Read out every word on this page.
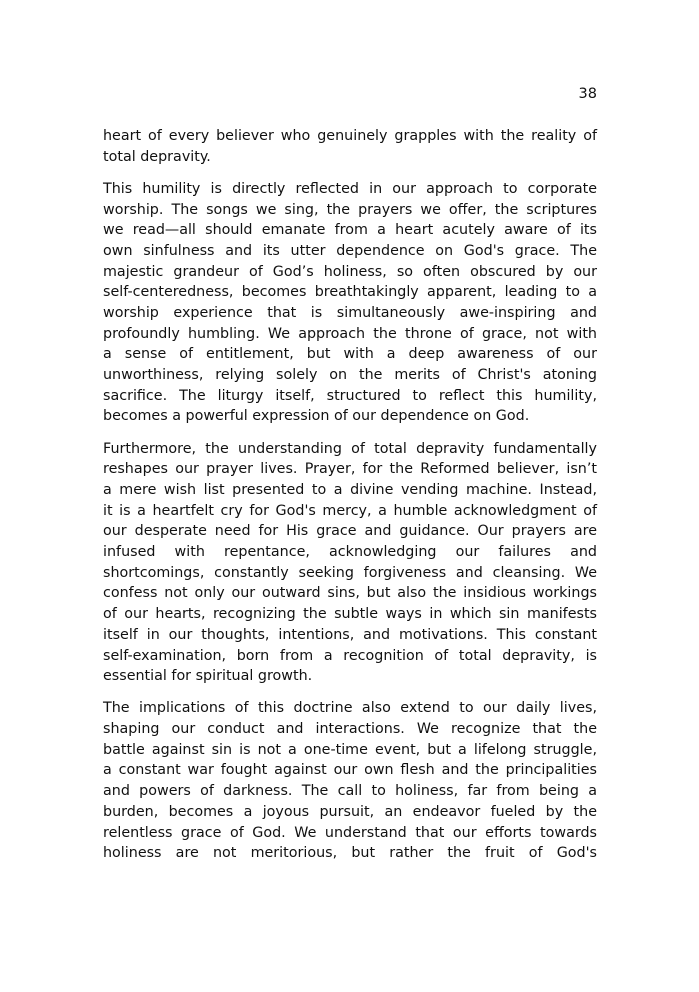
38

heart of every believer who genuinely grapples with the reality of
total depravity.

This humility is directly reflected in our approach to corporate
worship. The songs we sing, the prayers we offer, the scriptures
we read—all should emanate from a heart acutely aware of its
own sinfulness and its utter dependence on God's grace. The
majestic grandeur of God’s holiness, so often obscured by our
self-centeredness, becomes breathtakingly apparent, leading to a
worship experience that is simultaneously awe-inspiring and
profoundly humbling. We approach the throne of grace, not with
a sense of entitlement, but with a deep awareness of our
unworthiness, relying solely on the merits of Christ's atoning
sacrifice. The liturgy itself, structured to reflect this humility,
becomes a powerful expression of our dependence on God.

Furthermore, the understanding of total depravity fundamentally
reshapes our prayer lives. Prayer, for the Reformed believer, isn’t
a mere wish list presented to a divine vending machine. Instead,
it is a heartfelt cry for God's mercy, a humble acknowledgment of
our desperate need for His grace and guidance. Our prayers are
infused with repentance, acknowledging our failures and
shortcomings, constantly seeking forgiveness and cleansing. We
confess not only our outward sins, but also the insidious workings
of our hearts, recognizing the subtle ways in which sin manifests
itself in our thoughts, intentions, and motivations. This constant
self-examination, born from a recognition of total depravity, is
essential for spiritual growth.

The implications of this doctrine also extend to our daily lives,
shaping our conduct and interactions. We recognize that the
battle against sin is not a one-time event, but a lifelong struggle,
a constant war fought against our own flesh and the principalities
and powers of darkness. The call to holiness, far from being a
burden, becomes a joyous pursuit, an endeavor fueled by the
relentless grace of God. We understand that our efforts towards
holiness are not meritorious, but rather the fruit of God's
